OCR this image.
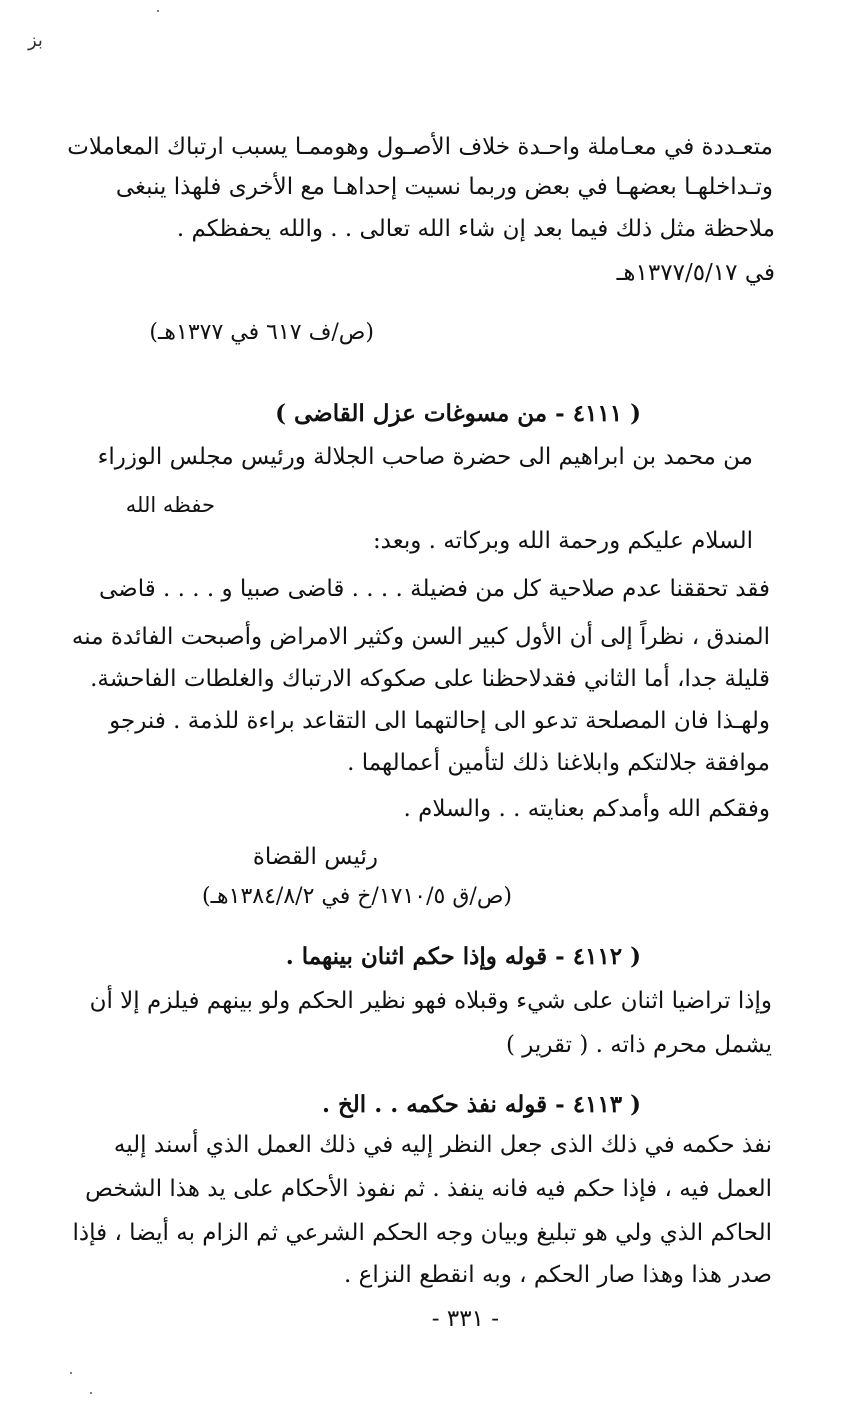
بز
متعـددة في معـاملة واحـدة خلاف الأصـول وهوممـا يسبب ارتباك المعاملات
وتـداخلهـا بعضهـا في بعض وربما نسيت إحداهـا مع الأخرى فلهذا ينبغى
ملاحظة مثل ذلك فيما بعد إن شاء الله تعالى . . والله يحفظكم .
في ١٣٧٧/٥/١٧هـ
(ص/ف ٦١٧ في ١٣٧٧هـ)
( ٤١١١ - من مسوغات عزل القاضى )
من محمد بن ابراهيم الى حضرة صاحب الجلالة ورئيس مجلس الوزراء
حفظه الله
السلام عليكم ورحمة الله وبركاته . وبعد:
فقد تحققنا عدم صلاحية كل من فضيلة . . . . قاضى صبيا و . . . . قاضى
المندق ، نظراً إلى أن الأول كبير السن وكثير الامراض وأصبحت الفائدة منه
قليلة جدا، أما الثاني فقدلاحظنا على صكوكه الارتباك والغلطات الفاحشة.
ولهـذا فان المصلحة تدعو الى إحالتهما الى التقاعد براءة للذمة . فنرجو
موافقة جلالتكم وابلاغنا ذلك لتأمين أعمالهما .
وفقكم الله وأمدكم بعنايته . . والسلام .
رئيس القضاة
(ص/ق ١٧١٠/٥/خ في ١٣٨٤/٨/٢هـ)
( ٤١١٢ - قوله وإذا حكم اثنان بينهما .
وإذا تراضيا اثنان على شيء وقبلاه فهو نظير الحكم ولو بينهم فيلزم إلا أن
يشمل محرم ذاته . ( تقرير )
( ٤١١٣ - قوله نفذ حكمه . . الخ .
نفذ حكمه في ذلك الذى جعل النظر إليه في ذلك العمل الذي أسند إليه
العمل فيه ، فإذا حكم فيه فانه ينفذ . ثم نفوذ الأحكام على يد هذا الشخص
الحاكم الذي ولي هو تبليغ وبيان وجه الحكم الشرعي ثم الزام به أيضا ، فإذا
صدر هذا وهذا صار الحكم ، وبه انقطع النزاع .
- ٣٣١ -
